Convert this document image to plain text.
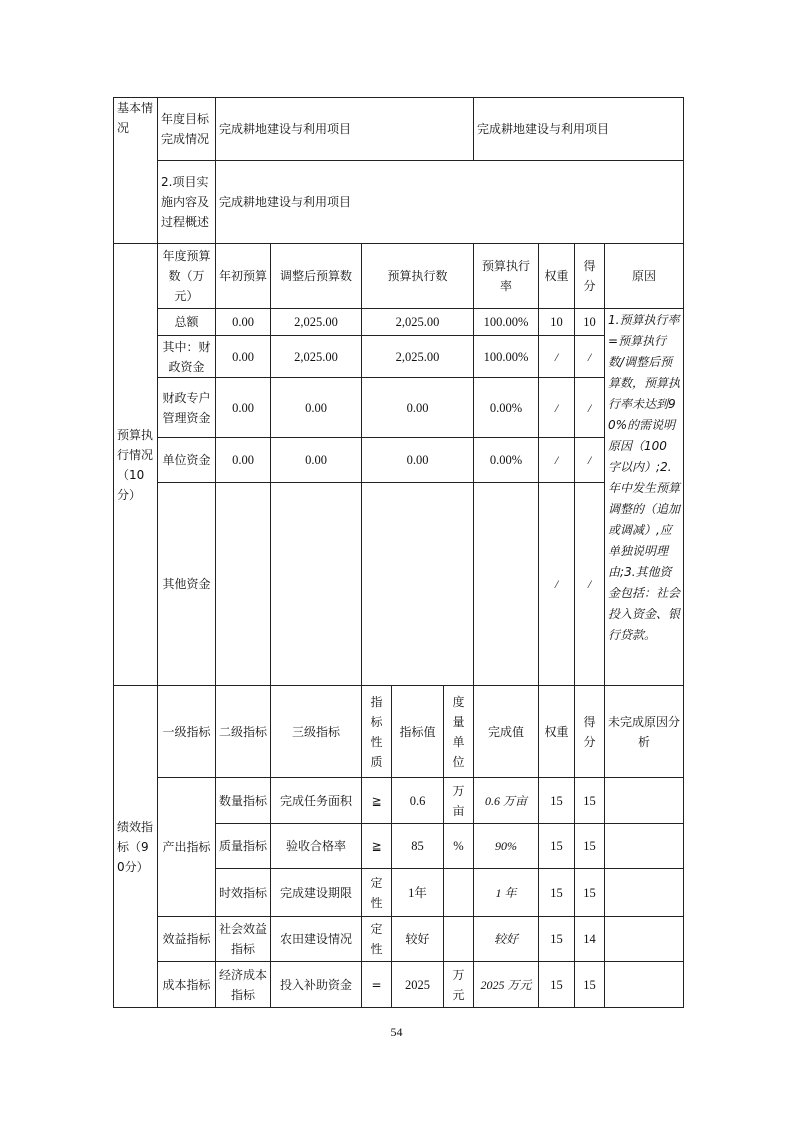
基本情况	年度目标完成情况	完成耕地建设与利用项目					完成耕地建设与利用项目			
	2.项目实施内容及过程概述	完成耕地建设与利用项目								
预算执行情况（10分）	年度预算数（万元）	年初预算	调整后预算数	预算执行数			预算执行率	权重	得分	原因
	总额	0.00	2,025.00	2,025.00			100.00%	10	10	1.预算执行率=预算执行数/调整后预算数，预算执行率未达到90%的需说明原因（100 字以内）;2.年中发生预算调整的（追加或调减）,应单独说明理由;3.其他资金包括：社会投入资金、银行贷款。
	其中：财政资金	0.00	2,025.00	2,025.00			100.00%	/	/	
	财政专户管理资金	0.00	0.00	0.00			0.00%	/	/	
	单位资金	0.00	0.00	0.00			0.00%	/	/	
	其他资金							/	/	
绩效指标（90分）	一级指标	二级指标	三级指标	指标性质	指标值	度量单位	完成值	权重	得分	未完成原因分析
	产出指标	数量指标	完成任务面积	≧	0.6	万亩	0.6 万亩	15	15	
		质量指标	验收合格率	≧	85	%	90%	15	15	
		时效指标	完成建设期限	定性	1年		1 年	15	15	
	效益指标	社会效益指标	农田建设情况	定性	较好		较好	15	14	
	成本指标	经济成本指标	投入补助资金	=	2025	万元	2025 万元	15	15	
54
